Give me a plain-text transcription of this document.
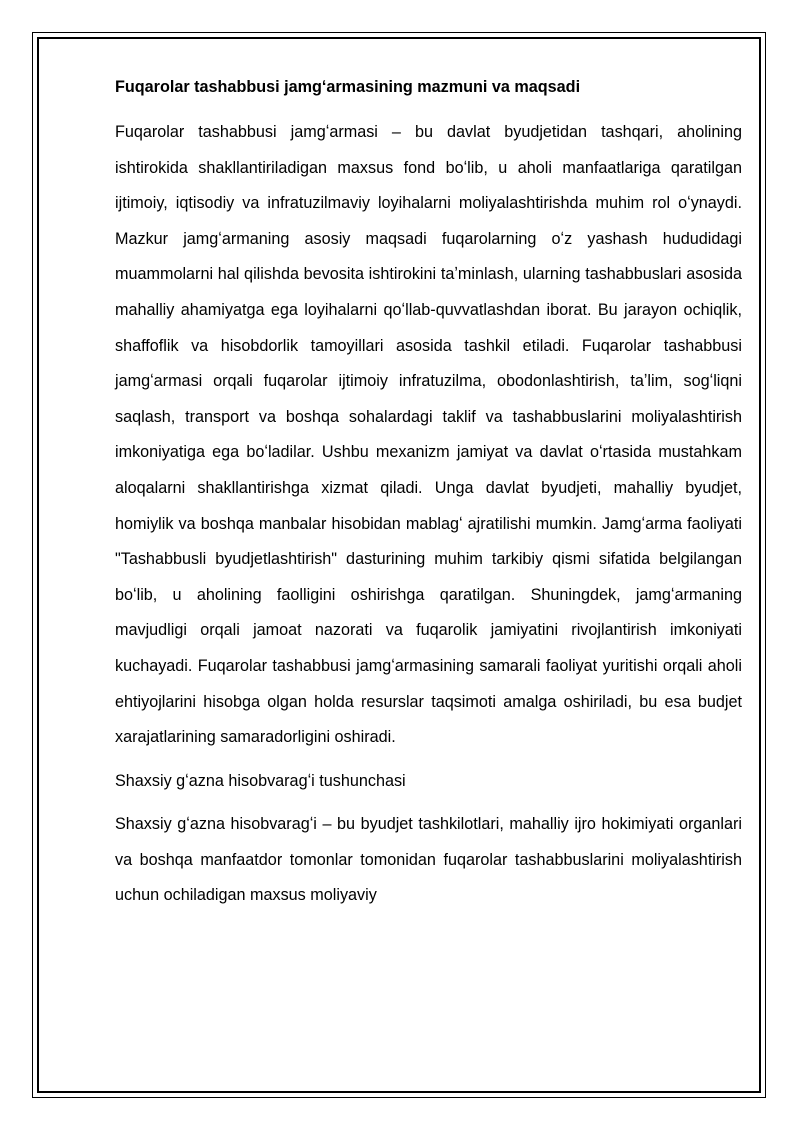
Fuqarolar tashabbusi jamgʻarmasining mazmuni va maqsadi

Fuqarolar tashabbusi jamgʻarmasi – bu davlat byudjetidan tashqari, aholining ishtirokida shakllantiriladigan maxsus fond boʻlib, u aholi manfaatlariga qaratilgan ijtimoiy, iqtisodiy va infratuzilmaviy loyihalarni moliyalashtirishda muhim rol oʻynaydi. Mazkur jamgʻarmaning asosiy maqsadi fuqarolarning oʻz yashash hududidagi muammolarni hal qilishda bevosita ishtirokini taʼminlash, ularning tashabbuslari asosida mahalliy ahamiyatga ega loyihalarni qoʻllab-quvvatlashdan iborat. Bu jarayon ochiqlik, shaffoflik va hisobdorlik tamoyillari asosida tashkil etiladi. Fuqarolar tashabbusi jamgʻarmasi orqali fuqarolar ijtimoiy infratuzilma, obodonlashtirish, taʼlim, sogʻliqni saqlash, transport va boshqa sohalardagi taklif va tashabbuslarini moliyalashtirish imkoniyatiga ega boʻladilar. Ushbu mexanizm jamiyat va davlat oʻrtasida mustahkam aloqalarni shakllantirishga xizmat qiladi. Unga davlat byudjeti, mahalliy byudjet, homiylik va boshqa manbalar hisobidan mablagʻ ajratilishi mumkin. Jamgʻarma faoliyati "Tashabbusli byudjetlashtirish" dasturining muhim tarkibiy qismi sifatida belgilangan boʻlib, u aholining faolligini oshirishga qaratilgan. Shuningdek, jamgʻarmaning mavjudligi orqali jamoat nazorati va fuqarolik jamiyatini rivojlantirish imkoniyati kuchayadi. Fuqarolar tashabbusi jamgʻarmasining samarali faoliyat yuritishi orqali aholi ehtiyojlarini hisobga olgan holda resurslar taqsimoti amalga oshiriladi, bu esa budjet xarajatlarining samaradorligini oshiradi.

Shaxsiy gʻazna hisobvaragʻi tushunchasi

Shaxsiy gʻazna hisobvaragʻi – bu byudjet tashkilotlari, mahalliy ijro hokimiyati organlari va boshqa manfaatdor tomonlar tomonidan fuqarolar tashabbuslarini moliyalashtirish uchun ochiladigan maxsus moliyaviy
